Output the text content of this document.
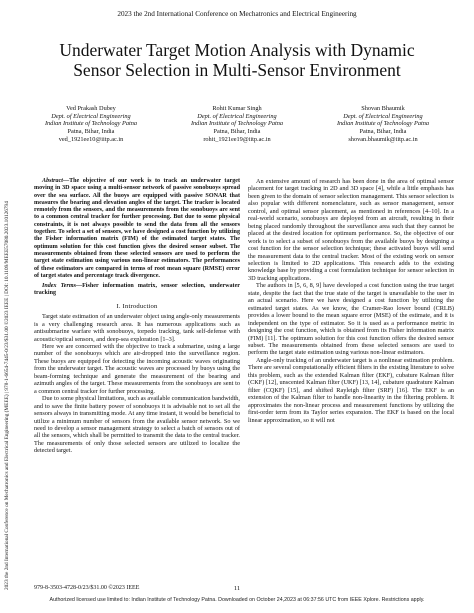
2023 the 2nd International Conference on Mechatronics and Electrical Engineering
2023 the 2nd International Conference on Mechatronics and Electrical Engineering (MEEE) | 978-1-6654-7445-0/23/$31.00 ©2023 IEEE | DOI: 10.1109/MEEE57080.2023.10126794
Underwater Target Motion Analysis with Dynamic
Sensor Selection in Multi-Sensor Environment
Ved Prakash Dubey
Dept. of Electrical Engineering
Indian Institute of Technology Patna
Patna, Bihar, India
ved_1921ee10@iitp.ac.in
Rohit Kumar Singh
Dept. of Electrical Engineering
Indian Institute of Technology Patna
Patna, Bihar, India
rohit_1921ee19@iitp.ac.in
Shovan Bhaumik
Dept. of Electrical Engineering
Indian Institute of Technology Patna
Patna, Bihar, India
shovan.bhaumik@iitp.ac.in

Abstract—The objective of our work is to track an underwater target moving in 3D space using a multi-sensor network of passive sonobuoys spread over the sea surface. All the buoys are equipped with passive SONAR that measures the bearing and elevation angles of the target. The tracker is located remotely from the sensors, and the measurements from the sonobuoys are sent to a common central tracker for further processing. But due to some physical constraints, it is not always possible to send the data from all the sensors together. To select a set of sensors, we have designed a cost function by utilizing the Fisher information matrix (FIM) of the estimated target states. The optimum solution for this cost function gives the desired sensor subset. The measurements obtained from these selected sensors are used to perform the target state estimation using various non-linear estimators. The performances of these estimators are compared in terms of root mean square (RMSE) error of target states and percentage track divergence.

Index Terms—Fisher information matrix, sensor selection, underwater tracking

I. Introduction

Target state estimation of an underwater object using angle-only measurements is a very challenging research area. It has numerous applications such as antisubmarine warfare with sonobuoys, torpedo tracking, tank self-defense with acoustic/optical sensors, and deep-sea exploration [1–3].

Here we are concerned with the objective to track a submarine, using a large number of the sonobuoys which are air-dropped into the surveillance region. These buoys are equipped for detecting the incoming acoustic waves originating from the underwater target. The acoustic waves are processed by buoys using the beam-forming technique and generate the measurement of the bearing and azimuth angles of the target. These measurements from the sonobuoys are sent to a common central tracker for further processing.

Due to some physical limitations, such as available communication bandwidth, and to save the finite battery power of sonobuoys it is advisable not to set all the sensors always in transmitting mode. At any time instant, it would be beneficial to utilize a minimum number of sensors from the available sensor network. So we need to develop a sensor management strategy to select a batch of sensors out of all the sensors, which shall be permitted to transmit the data to the central tracker. The measurements of only those selected sensors are utilized to localize the detected target.

An extensive amount of research has been done in the area of optimal sensor placement for target tracking in 2D and 3D space [4], while a little emphasis has been given to the domain of sensor selection management. This sensor selection is also popular with different nomenclature, such as sensor management, sensor control, and optimal sensor placement, as mentioned in references [4–10]. In a real-world scenario, sonobuoys are deployed from an aircraft, resulting in their being placed randomly throughout the surveillance area such that they cannot be placed at the desired location for optimum performance. So, the objective of our work is to select a subset of sonobuoys from the available buoys by designing a cost function for the sensor selection technique; these activated buoys will send the measurement data to the central tracker. Most of the existing work on sensor selection is limited to 2D applications. This research adds to the existing knowledge base by providing a cost formulation technique for sensor selection in 3D tracking applications.

The authors in [5, 6, 8, 9] have developed a cost function using the true target state, despite the fact that the true state of the target is unavailable to the user in an actual scenario. Here we have designed a cost function by utilizing the estimated target states. As we know, the Cramer-Rao lower bound (CRLB) provides a lower bound to the mean square error (MSE) of the estimate, and it is independent on the type of estimator. So it is used as a performance metric in designing the cost function, which is obtained from its Fisher information matrix (FIM) [11]. The optimum solution for this cost function offers the desired sensor subset. The measurements obtained from these selected sensors are used to perform the target state estimation using various non-linear estimators.

Angle-only tracking of an underwater target is a nonlinear estimation problem. There are several computationally efficient filters in the existing literature to solve this problem, such as the extended Kalman filter (EKF), cubature Kalman filter (CKF) [12], unscented Kalman filter (UKF) [13, 14], cubature quadrature Kalman filter (CQKF) [15], and shifted Rayleigh filter (SRF) [16]. The EKF is an extension of the Kalman filter to handle non-linearity in the filtering problem. It approximates the non-linear process and measurement functions by utilizing the first-order term from its Taylor series expansion. The EKF is based on the local linear approximation, so it will not

979-8-3503-4728-0/23/$31.00 ©2023 IEEE	11
Authorized licensed use limited to: Indian Institute of Technology Patna. Downloaded on October 24,2023 at 06:37:56 UTC from IEEE Xplore. Restrictions apply.
